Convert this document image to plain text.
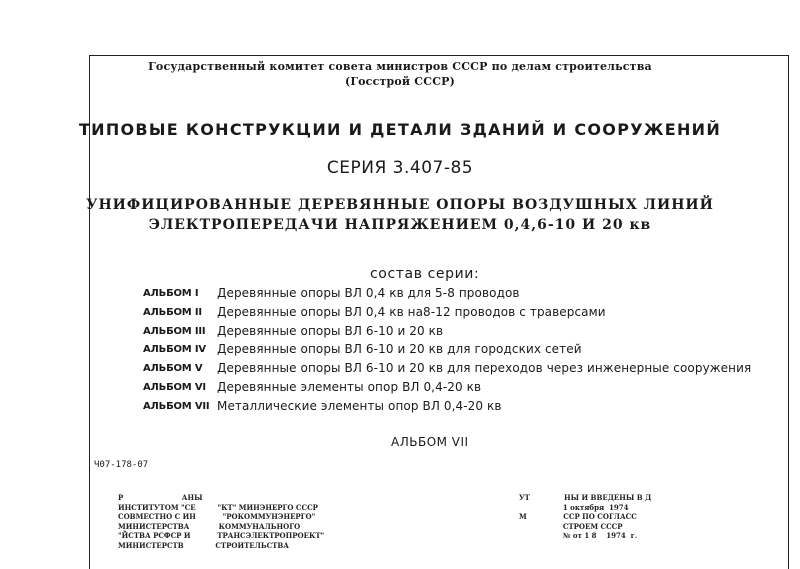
Государственный комитет совета министров СССР по делам строительства
(Госстрой СССР)
ТИПОВЫЕ КОНСТРУКЦИИ И ДЕТАЛИ ЗДАНИЙ И СООРУЖЕНИЙ
СЕРИЯ 3.407-85
УНИФИЦИРОВАННЫЕ ДЕРЕВЯННЫЕ ОПОРЫ ВОЗДУШНЫХ ЛИНИЙ
ЭЛЕКТРОПЕРЕДАЧИ НАПРЯЖЕНИЕМ 0,4,6-10 И 20 кв
состав серии:
АЛЬБОМ I Деревянные опоры ВЛ 0,4 кв для 5-8 проводов
АЛЬБОМ II Деревянные опоры ВЛ 0,4 кв на8-12 проводов с траверсами
АЛЬБОМ III Деревянные опоры ВЛ 6-10 и 20 кв
АЛЬБОМ IV Деревянные опоры ВЛ 6-10 и 20 кв для городских сетей
АЛЬБОМ V Деревянные опоры ВЛ 6-10 и 20 кв для переходов через инженерные сооружения
АЛЬБОМ VI Деревянные элементы опор ВЛ 0,4-20 кв
АЛЬБОМ VII Металлические элементы опор ВЛ 0,4-20 кв
АЛЬБОМ VII
Ч07-178-07
Р                        АНЫ
ИНСТИТУТОМ "СЕ         "КТ" МИНЭНЕРГО СССР
СОВМЕСТНО С ИН           "РОКОММУНЭНЕРГО"
МИНИСТЕРСТВА            КОММУНАЛЬНОГО
"ЙСТВА РСФСР И           ТРАНСЭЛЕКТРОПРОЕКТ"
МИНИСТЕРСТВ             СТРОИТЕЛЬСТВА
УТ              НЫ И ВВЕДЕНЫ В Д
1 октября  1974
М               ССР ПО СОГЛАСС
СТРОЕМ СССР
№ от 1 8    1974  г.
